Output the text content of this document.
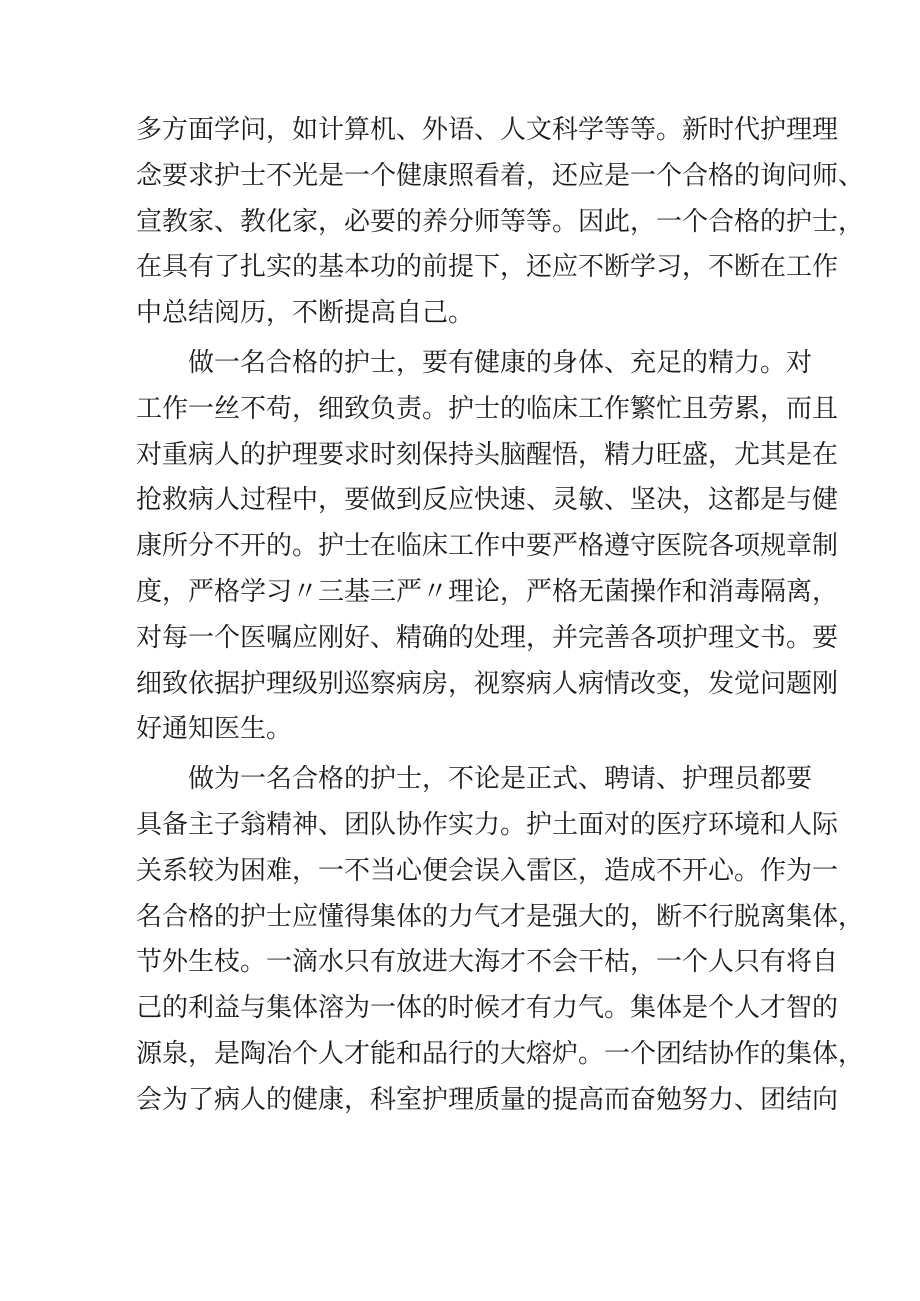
多方面学问，如计算机、外语、人文科学等等。新时代护理理
念要求护士不光是一个健康照看着，还应是一个合格的询问师、
宣教家、教化家，必要的养分师等等。因此，一个合格的护士，
在具有了扎实的基本功的前提下，还应不断学习，不断在工作
中总结阅历，不断提高自己。
做一名合格的护士，要有健康的身体、充足的精力。对
工作一丝不苟，细致负责。护士的临床工作繁忙且劳累，而且
对重病人的护理要求时刻保持头脑醒悟，精力旺盛，尤其是在
抢救病人过程中，要做到反应快速、灵敏、坚决，这都是与健
康所分不开的。护士在临床工作中要严格遵守医院各项规章制
度，严格学习〃三基三严〃理论，严格无菌操作和消毒隔离，
对每一个医嘱应刚好、精确的处理，并完善各项护理文书。要
细致依据护理级别巡察病房，视察病人病情改变，发觉问题刚
好通知医生。
做为一名合格的护士，不论是正式、聘请、护理员都要
具备主子翁精神、团队协作实力。护土面对的医疗环境和人际
关系较为困难，一不当心便会误入雷区，造成不开心。作为一
名合格的护士应懂得集体的力气才是强大的，断不行脱离集体，
节外生枝。一滴水只有放进大海才不会干枯，一个人只有将自
己的利益与集体溶为一体的时候才有力气。集体是个人才智的
源泉，是陶冶个人才能和品行的大熔炉。一个团结协作的集体，
会为了病人的健康，科室护理质量的提高而奋勉努力、团结向
